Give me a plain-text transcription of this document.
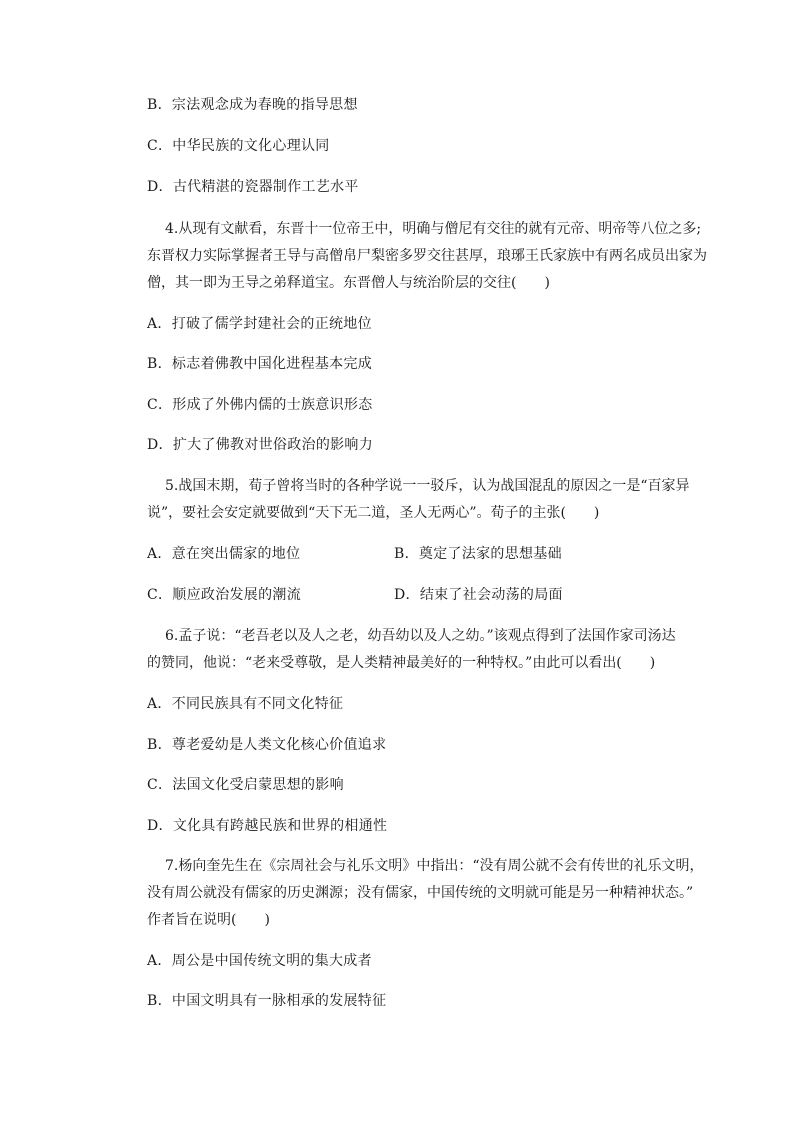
B．宗法观念成为春晚的指导思想
C．中华民族的文化心理认同
D．古代精湛的瓷器制作工艺水平
4.从现有文献看，东晋十一位帝王中，明确与僧尼有交往的就有元帝、明帝等八位之多;
东晋权力实际掌握者王导与高僧帛尸梨密多罗交往甚厚，琅琊王氏家族中有两名成员出家为
僧，其一即为王导之弟释道宝。东晋僧人与统治阶层的交往(　　)
A．打破了儒学封建社会的正统地位
B．标志着佛教中国化进程基本完成
C．形成了外佛内儒的士族意识形态
D．扩大了佛教对世俗政治的影响力
5.战国末期，荀子曾将当时的各种学说一一驳斥，认为战国混乱的原因之一是“百家异
说”，要社会安定就要做到“天下无二道，圣人无两心”。荀子的主张(　　)
A．意在突出儒家的地位	B．奠定了法家的思想基础
C．顺应政治发展的潮流	D．结束了社会动荡的局面
6.孟子说：“老吾老以及人之老，幼吾幼以及人之幼。”该观点得到了法国作家司汤达
的赞同，他说：“老来受尊敬，是人类精神最美好的一种特权。”由此可以看出(　　)
A．不同民族具有不同文化特征
B．尊老爱幼是人类文化核心价值追求
C．法国文化受启蒙思想的影响
D．文化具有跨越民族和世界的相通性
7.杨向奎先生在《宗周社会与礼乐文明》中指出：“没有周公就不会有传世的礼乐文明，
没有周公就没有儒家的历史渊源；没有儒家，中国传统的文明就可能是另一种精神状态。”
作者旨在说明(　　)
A．周公是中国传统文明的集大成者
B．中国文明具有一脉相承的发展特征
